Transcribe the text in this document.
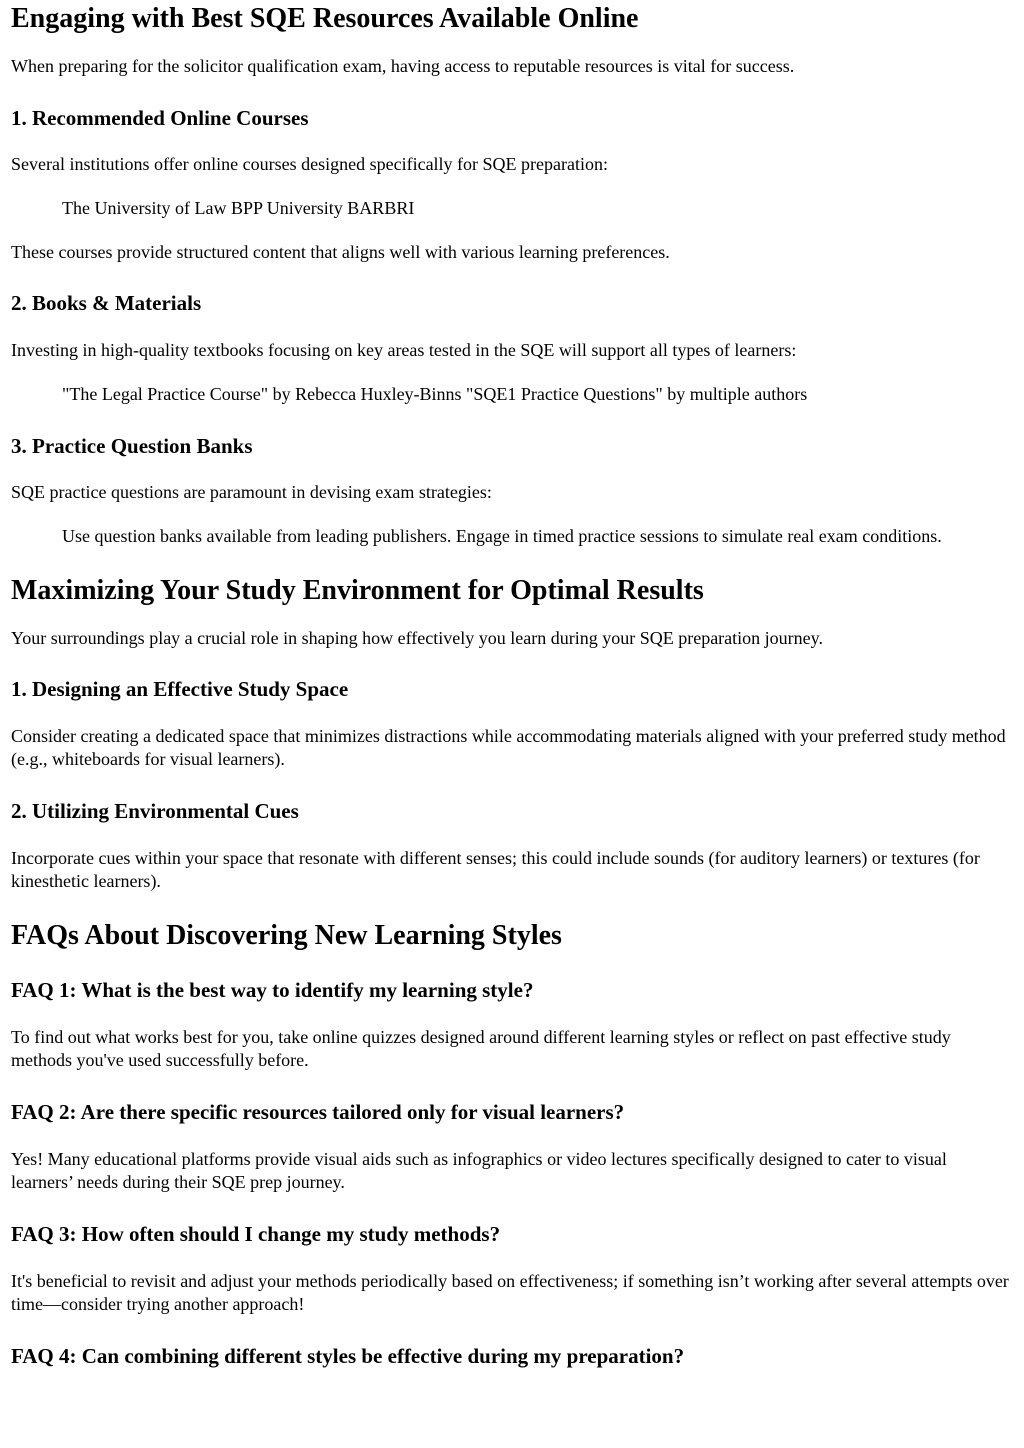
Engaging with Best SQE Resources Available Online

When preparing for the solicitor qualification exam, having access to reputable resources is vital for success.

1. Recommended Online Courses

Several institutions offer online courses designed specifically for SQE preparation:

The University of Law BPP University BARBRI

These courses provide structured content that aligns well with various learning preferences.

2. Books & Materials

Investing in high-quality textbooks focusing on key areas tested in the SQE will support all types of learners:

"The Legal Practice Course" by Rebecca Huxley-Binns "SQE1 Practice Questions" by multiple authors

3. Practice Question Banks

SQE practice questions are paramount in devising exam strategies:

Use question banks available from leading publishers. Engage in timed practice sessions to simulate real exam conditions.

Maximizing Your Study Environment for Optimal Results

Your surroundings play a crucial role in shaping how effectively you learn during your SQE preparation journey.

1. Designing an Effective Study Space

Consider creating a dedicated space that minimizes distractions while accommodating materials aligned with your preferred study method (e.g., whiteboards for visual learners).

2. Utilizing Environmental Cues

Incorporate cues within your space that resonate with different senses; this could include sounds (for auditory learners) or textures (for kinesthetic learners).

FAQs About Discovering New Learning Styles
FAQ 1: What is the best way to identify my learning style?

To find out what works best for you, take online quizzes designed around different learning styles or reflect on past effective study methods you've used successfully before.

FAQ 2: Are there specific resources tailored only for visual learners?

Yes! Many educational platforms provide visual aids such as infographics or video lectures specifically designed to cater to visual learners’ needs during their SQE prep journey.

FAQ 3: How often should I change my study methods?

It's beneficial to revisit and adjust your methods periodically based on effectiveness; if something isn’t working after several attempts over time—consider trying another approach!

FAQ 4: Can combining different styles be effective during my preparation?
